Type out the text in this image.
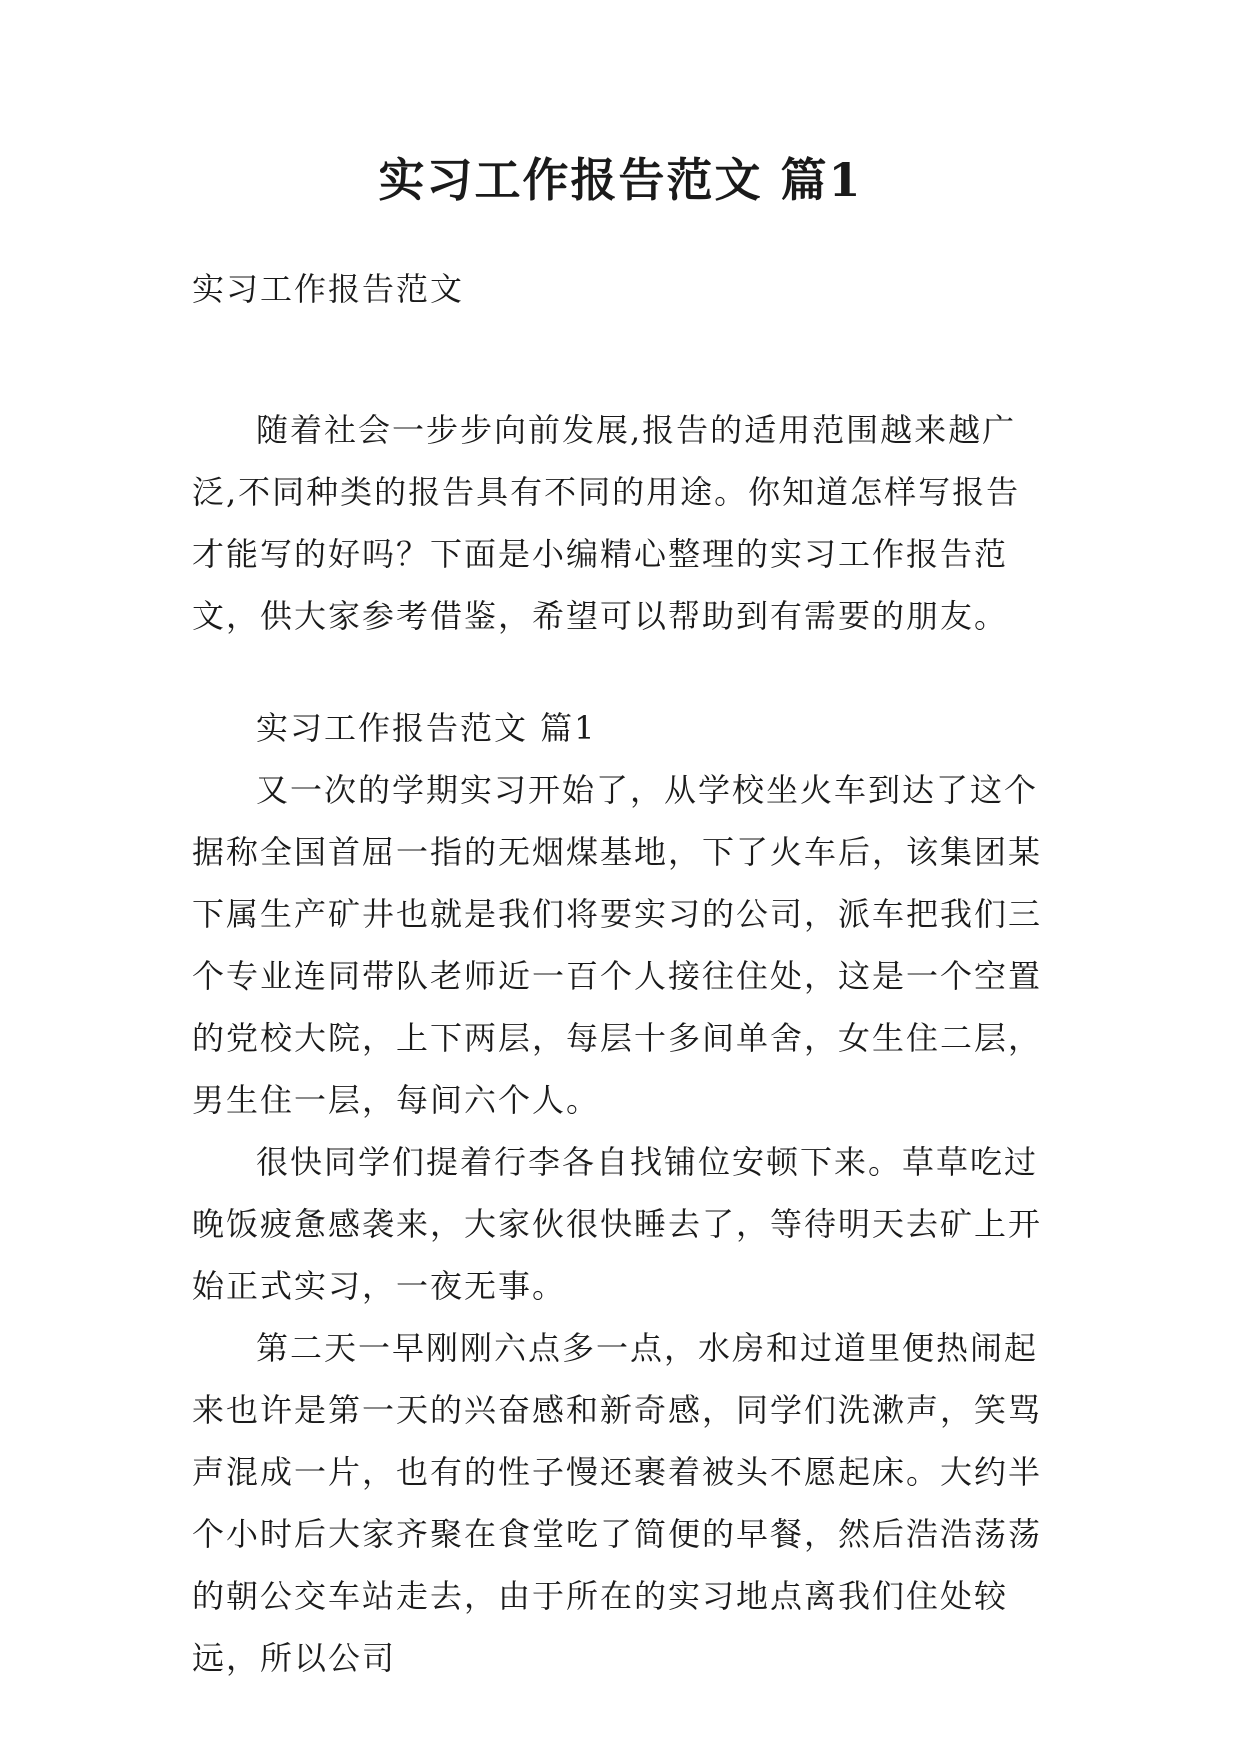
实习工作报告范文 篇1

实习工作报告范文

随着社会一步步向前发展,报告的适用范围越来越广泛,不同种类的报告具有不同的用途。你知道怎样写报告才能写的好吗？下面是小编精心整理的实习工作报告范文，供大家参考借鉴，希望可以帮助到有需要的朋友。

实习工作报告范文 篇1

又一次的学期实习开始了，从学校坐火车到达了这个据称全国首屈一指的无烟煤基地，下了火车后，该集团某下属生产矿井也就是我们将要实习的公司，派车把我们三个专业连同带队老师近一百个人接往住处，这是一个空置的党校大院，上下两层，每层十多间单舍，女生住二层，男生住一层，每间六个人。

很快同学们提着行李各自找铺位安顿下来。草草吃过晚饭疲惫感袭来，大家伙很快睡去了，等待明天去矿上开始正式实习，一夜无事。

第二天一早刚刚六点多一点，水房和过道里便热闹起来也许是第一天的兴奋感和新奇感，同学们洗漱声，笑骂声混成一片，也有的性子慢还裹着被头不愿起床。大约半个小时后大家齐聚在食堂吃了简便的早餐，然后浩浩荡荡的朝公交车站走去，由于所在的实习地点离我们住处较远，所以公司
